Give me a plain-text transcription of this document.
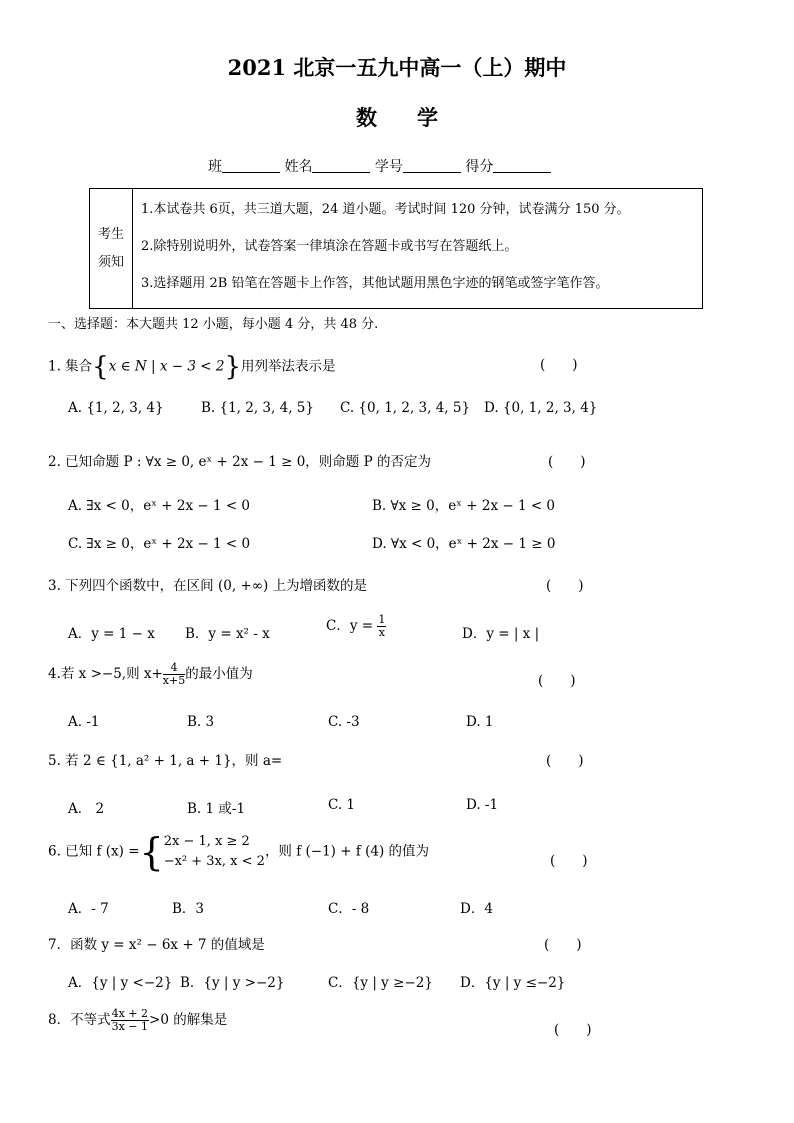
2021 北京一五九中高一（上）期中
数学
班	姓名	学号	得分
考生
须知

1.本试卷共 6页，共三道大题，24 道小题。考试时间 120 分钟，试卷满分 150 分。
2.除特别说明外，试卷答案一律填涂在答题卡或书写在答题纸上。
3.选择题用 2B 铅笔在答题卡上作答，其他试题用黑色字迹的钢笔或签字笔作答。
一、选择题：本大题共 12 小题，每小题 4 分，共 48 分.
1. 集合{x ∈ N | x − 3 < 2}用列举法表示是	(　　)
A. {1, 2, 3, 4}	B. {1, 2, 3, 4, 5} C. {0, 1, 2, 3, 4, 5} D. {0, 1, 2, 3, 4}
2. 已知命题 P : ∀x ≥ 0, eˣ + 2x − 1 ≥ 0，则命题 P 的否定为	(　　)
A. ∃x < 0，eˣ + 2x − 1 < 0	B. ∀x ≥ 0，eˣ + 2x − 1 < 0
C. ∃x ≥ 0，eˣ + 2x − 1 < 0	D. ∀x < 0，eˣ + 2x − 1 ≥ 0
3. 下列四个函数中，在区间 (0, +∞) 上为增函数的是	(　　)
A．y = 1 − x B．y = x² - x	C．$y = \frac{1}{x}$	D．y = | x |
4.若 x >−5,则 $x+ \frac{4}{x+5}$ 的最小值为	(　　)
A. -1	B. 3	C. -3	D. 1
5. 若 2 ∈ {1, a² + 1, a + 1}，则 a=	(　　)
A． 2	B. 1 或-1	C. 1	D. -1
6. 已知 f (x) ={ 2x − 1, x ≥ 2
−x² + 3x, x < 2
，则 f (−1) + f (4) 的值为
(　　)
A．- 7	B．3	C．- 8	D．4
7．函数 y = x² − 6x + 7 的值域是	(　　)
A．{y | y <−2} B．{y | y >−2}	C．{y | y ≥−2} D．{y | y ≤−2}
8．不等式 $\frac{4x + 2}{3x - 1} >0$ 的解集是
(　　)
